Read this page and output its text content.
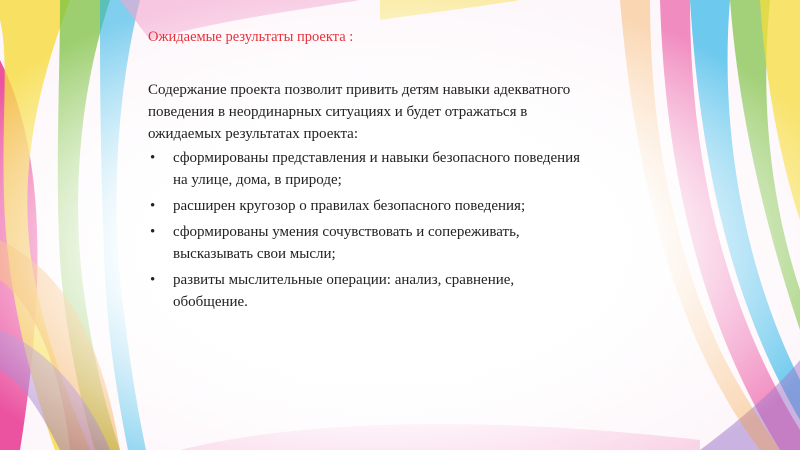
Ожидаемые результаты проекта :

Содержание проекта позволит привить детям навыки адекватного поведения в неординарных ситуациях и будет отражаться в ожидаемых результатах проекта:

• сформированы представления и навыки безопасного поведения на улице, дома, в природе;
• расширен кругозор о правилах безопасного поведения;
• сформированы умения сочувствовать и сопереживать, высказывать свои мысли;
• развиты мыслительные операции: анализ, сравнение, обобщение.
